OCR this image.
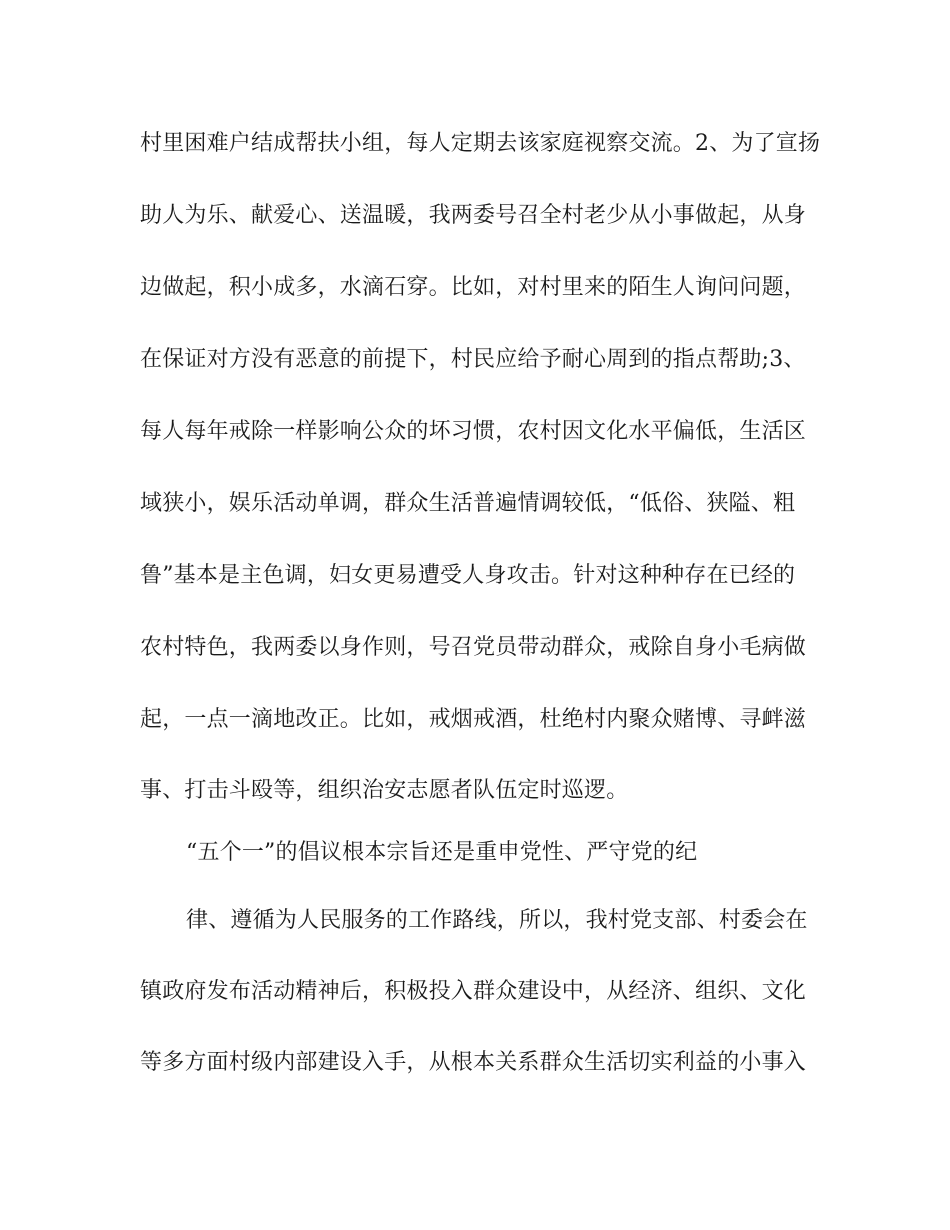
村里困难户结成帮扶小组，每人定期去该家庭视察交流。2、为了宣扬
助人为乐、献爱心、送温暖，我两委号召全村老少从小事做起，从身
边做起，积小成多，水滴石穿。比如，对村里来的陌生人询问问题，
在保证对方没有恶意的前提下，村民应给予耐心周到的指点帮助;3、
每人每年戒除一样影响公众的坏习惯，农村因文化水平偏低，生活区
域狭小，娱乐活动单调，群众生活普遍情调较低，“低俗、狭隘、粗
鲁”基本是主色调，妇女更易遭受人身攻击。针对这种种存在已经的
农村特色，我两委以身作则，号召党员带动群众，戒除自身小毛病做
起，一点一滴地改正。比如，戒烟戒酒，杜绝村内聚众赌博、寻衅滋
事、打击斗殴等，组织治安志愿者队伍定时巡逻。
“五个一”的倡议根本宗旨还是重申党性、严守党的纪
律、遵循为人民服务的工作路线，所以，我村党支部、村委会在
镇政府发布活动精神后，积极投入群众建设中，从经济、组织、文化
等多方面村级内部建设入手，从根本关系群众生活切实利益的小事入
